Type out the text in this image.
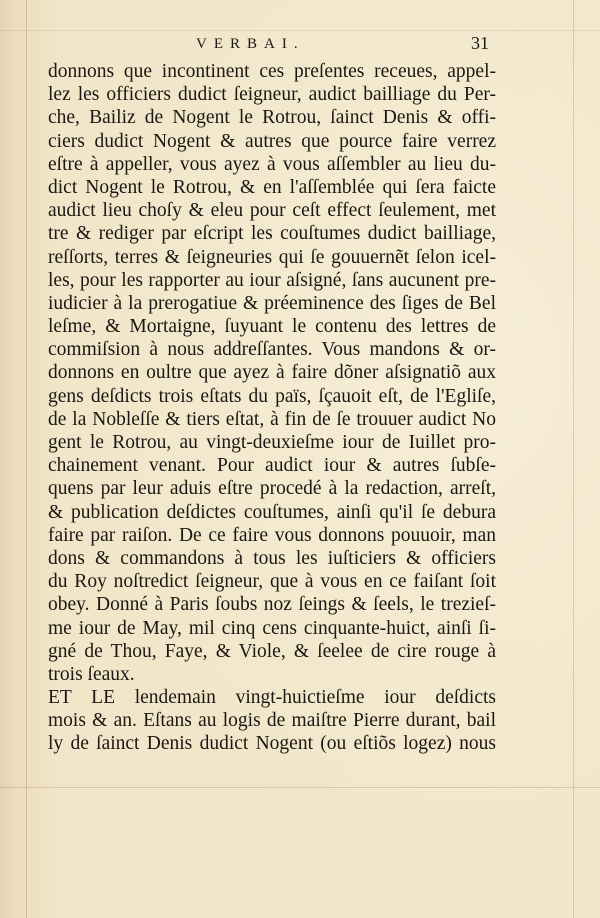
VERBAI.	31
donnons que incontinent ces preſentes receues, appel-
lez les officiers dudict ſeigneur, audict bailliage du Per-
che, Bailiz de Nogent le Rotrou, ſainct Denis & offi-
ciers dudict Nogent & autres que pource faire verrez
eſtre à appeller, vous ayez à vous aſſembler au lieu du-
dict Nogent le Rotrou, & en l'aſſemblée qui ſera faicte
audict lieu choſy & eleu pour ceſt effect ſeulement, met
tre & rediger par eſcript les couſtumes dudict bailliage,
reſſorts, terres & ſeigneuries qui ſe gouuernẽt ſelon icel-
les, pour les rapporter au iour aſsigné, ſans aucunent pre-
iudicier à la prerogatiue & préeminence des ſiges de Bel
leſme, & Mortaigne, ſuyuant le contenu des lettres de
commiſsion à nous addreſſantes. Vous mandons & or-
donnons en oultre que ayez à faire dõner aſsignatiõ aux
gens deſdicts trois eſtats du païs, ſçauoit eſt, de l'Egliſe,
de la Nobleſſe & tiers eſtat, à fin de ſe trouuer audict No
gent le Rotrou, au vingt-deuxieſme iour de Iuillet pro-
chainement venant. Pour audict iour & autres ſubſe-
quens par leur aduis eſtre procedé à la redaction, arreſt,
& publication deſdictes couſtumes, ainſi qu'il ſe debura
faire par raiſon. De ce faire vous donnons pouuoir, man
dons & commandons à tous les iuſticiers & officiers
du Roy noſtredict ſeigneur, que à vous en ce faiſant ſoit
obey. Donné à Paris ſoubs noz ſeings & ſeels, le trezieſ-
me iour de May, mil cinq cens cinquante-huict, ainſi ſi-
gné de Thou, Faye, & Viole, & ſeelee de cire rouge à
trois ſeaux.
ET LE lendemain vingt-huictieſme iour deſdicts
mois & an. Eſtans au logis de maiſtre Pierre durant, bail
ly de ſainct Denis dudict Nogent (ou eſtiõs logez) nous
